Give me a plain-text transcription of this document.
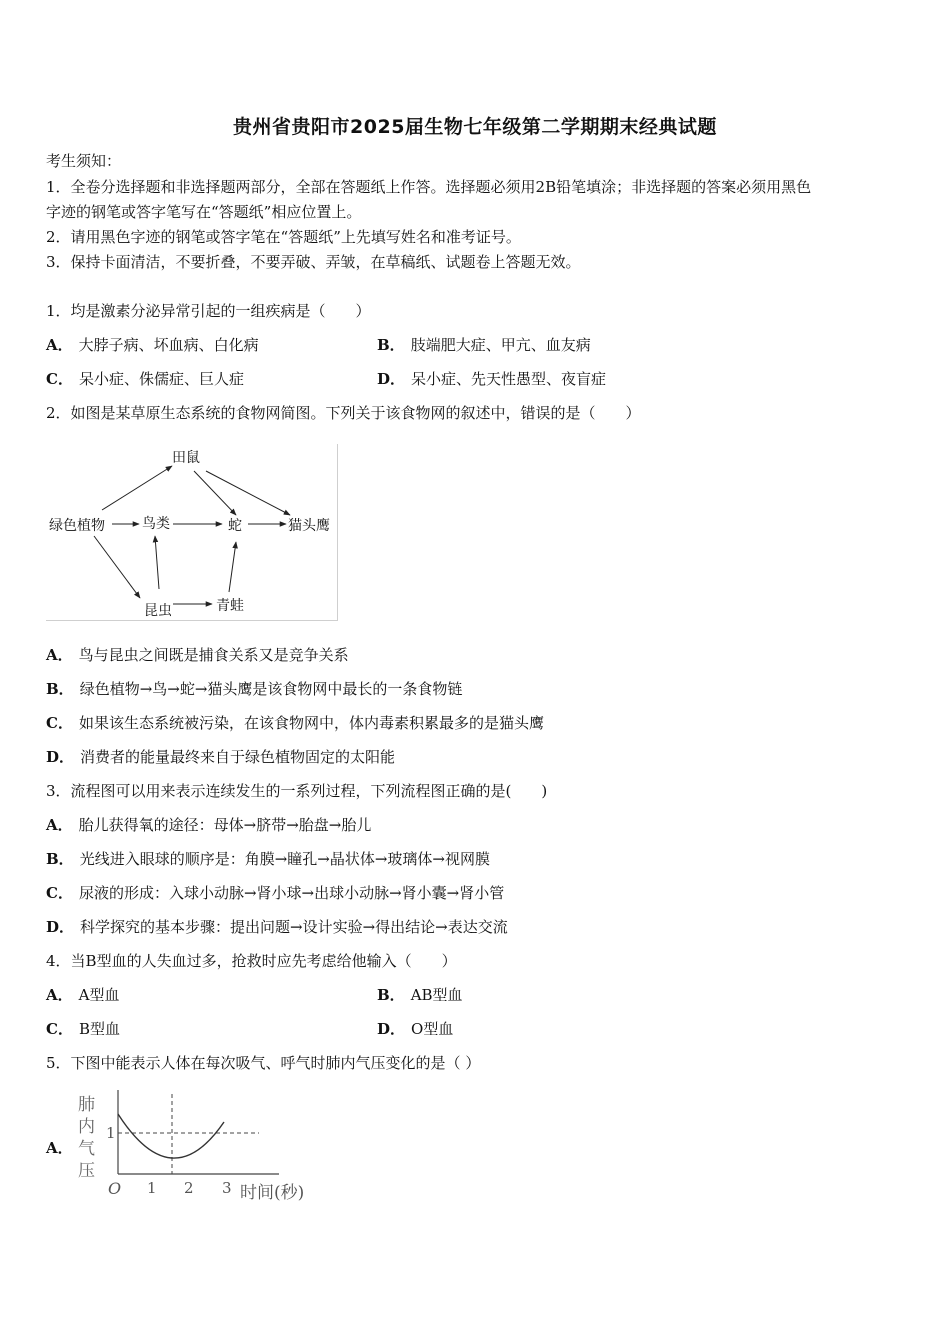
贵州省贵阳市2025届生物七年级第二学期期末经典试题
考生须知：
1．全卷分选择题和非选择题两部分，全部在答题纸上作答。选择题必须用2B铅笔填涂；非选择题的答案必须用黑色
字迹的钢笔或答字笔写在“答题纸”相应位置上。
2．请用黑色字迹的钢笔或答字笔在“答题纸”上先填写姓名和准考证号。
3．保持卡面清洁，不要折叠，不要弄破、弄皱，在草稿纸、试题卷上答题无效。
1．均是激素分泌异常引起的一组疾病是（　　）
A． 大脖子病、坏血病、白化病	B． 肢端肥大症、甲亢、血友病
C． 呆小症、侏儒症、巨人症	D． 呆小症、先天性愚型、夜盲症
2．如图是某草原生态系统的食物网简图。下列关于该食物网的叙述中，错误的是（　　）
田鼠
绿色植物	鸟类	蛇	猫头鹰
昆虫	青蛙
A． 鸟与昆虫之间既是捕食关系又是竞争关系
B． 绿色植物→鸟→蛇→猫头鹰是该食物网中最长的一条食物链
C． 如果该生态系统被污染，在该食物网中，体内毒素积累最多的是猫头鹰
D． 消费者的能量最终来自于绿色植物固定的太阳能
3．流程图可以用来表示连续发生的一系列过程，下列流程图正确的是(　　)
A． 胎儿获得氧的途径：母体→脐带→胎盘→胎儿
B． 光线进入眼球的顺序是：角膜→瞳孔→晶状体→玻璃体→视网膜
C． 尿液的形成：入球小动脉→肾小球→出球小动脉→肾小囊→肾小管
D． 科学探究的基本步骤：提出问题→设计实验→得出结论→表达交流
4．当B型血的人失血过多，抢救时应先考虑给他输入（　　）
A． A型血	B． AB型血
C． B型血	D． O型血
5．下图中能表示人体在每次吸气、呼气时肺内气压变化的是（ ）
A．
肺
内
气
压
1
O 1 2 3 时间(秒)
